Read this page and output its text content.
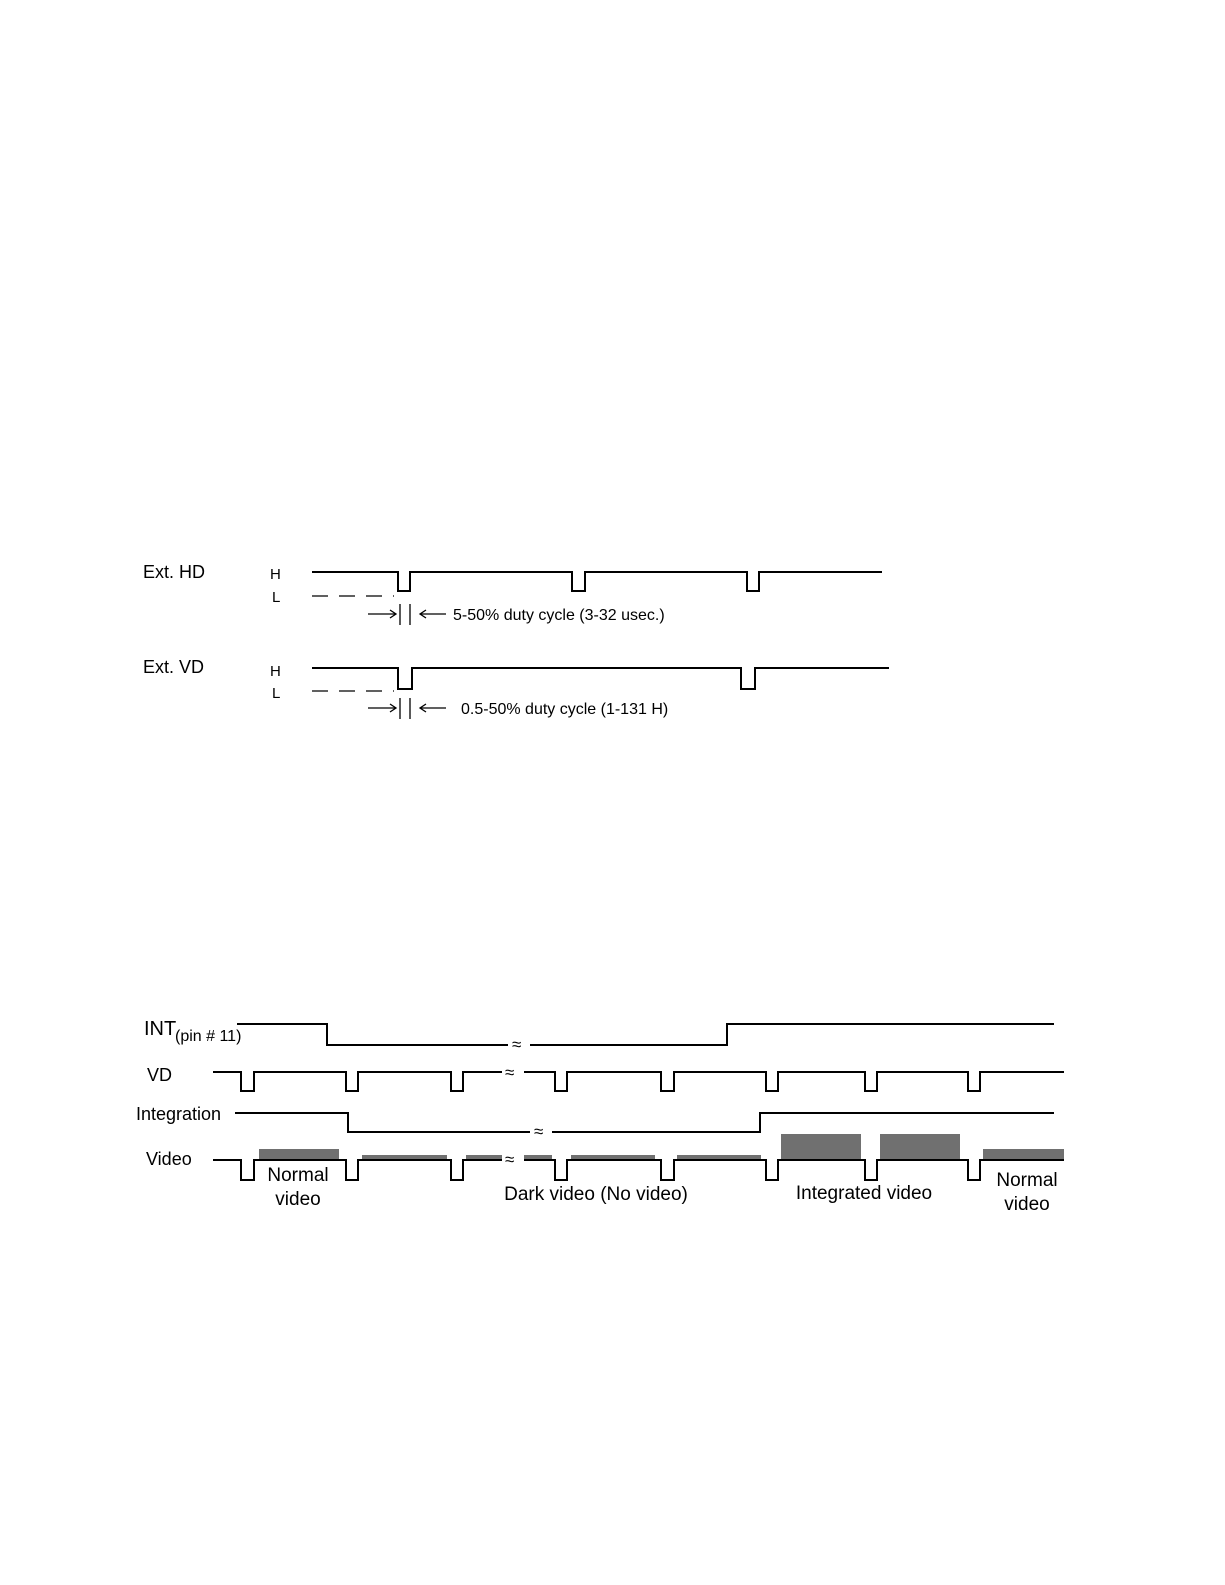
Ext. HD	H
L
5-50% duty cycle (3-32 usec.)
Ext. VD	H
L
0.5-50% duty cycle (1-131 H)
INT
(pin # 11)
VD
Integration
Video
≈
≈
≈
≈
Normal
video	Dark video (No video)	Integrated video
Normal
video
